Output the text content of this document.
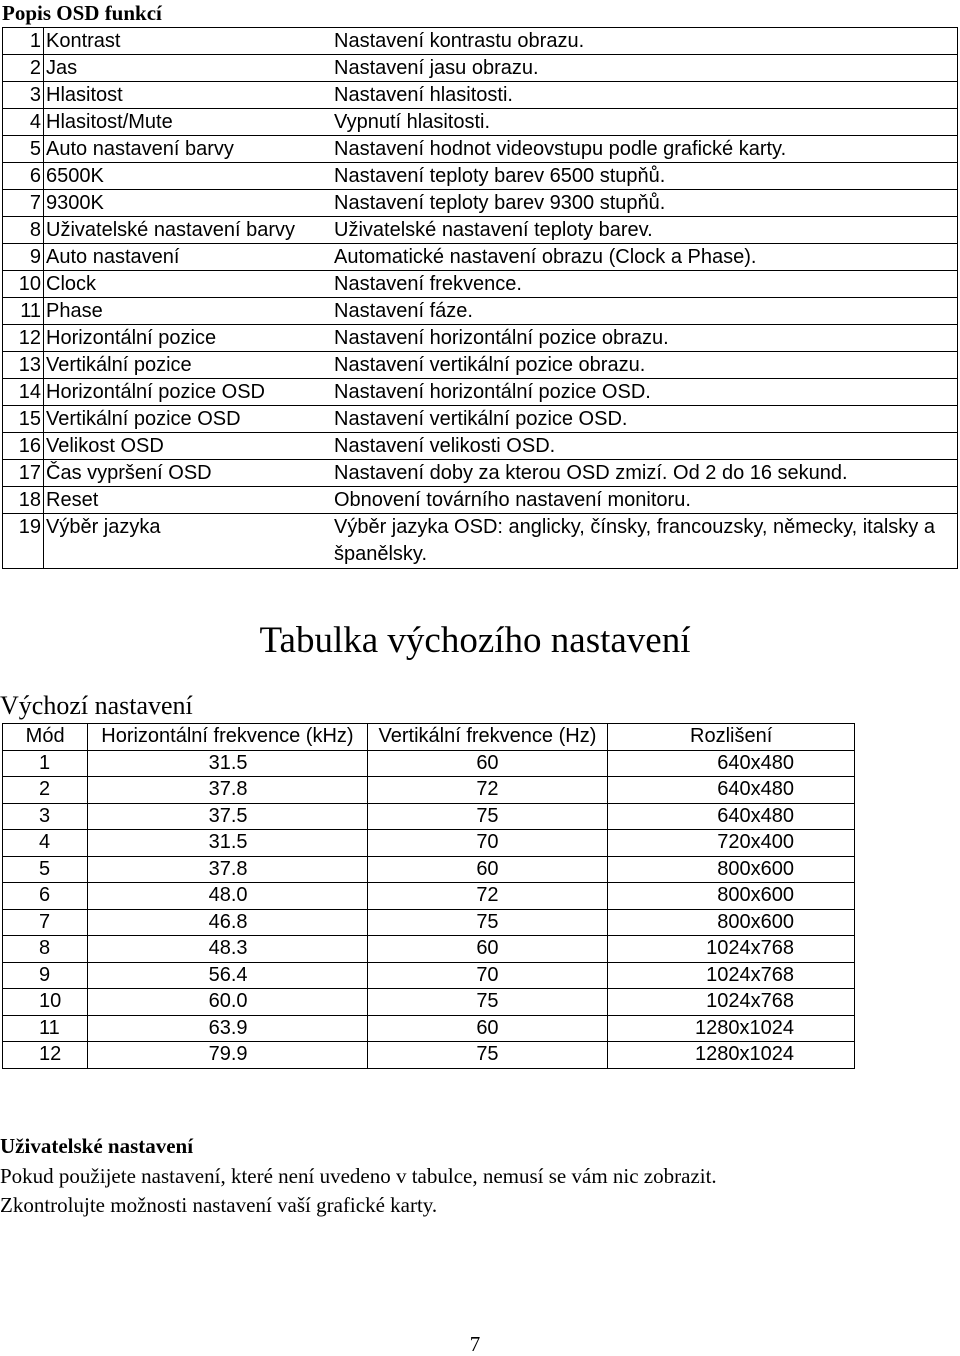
Popis OSD funkcí
1	Kontrast	Nastavení kontrastu obrazu.
2	Jas	Nastavení jasu obrazu.
3	Hlasitost	Nastavení hlasitosti.
4	Hlasitost/Mute	Vypnutí hlasitosti.
5	Auto nastavení barvy	Nastavení hodnot videovstupu podle grafické karty.
6	6500K	Nastavení teploty barev 6500 stupňů.
7	9300K	Nastavení teploty barev 9300 stupňů.
8	Uživatelské nastavení barvy	Uživatelské nastavení teploty barev.
9	Auto nastavení	Automatické nastavení obrazu (Clock a Phase).
10	Clock	Nastavení frekvence.
11	Phase	Nastavení fáze.
12	Horizontální pozice	Nastavení horizontální pozice obrazu.
13	Vertikální pozice	Nastavení vertikální pozice obrazu.
14	Horizontální pozice OSD	Nastavení horizontální pozice OSD.
15	Vertikální pozice OSD	Nastavení vertikální pozice OSD.
16	Velikost OSD	Nastavení velikosti OSD.
17	Čas vypršení OSD	Nastavení doby za kterou OSD zmizí. Od 2 do 16 sekund.
18	Reset	Obnovení továrního nastavení monitoru.
19	Výběr jazyka	Výběr jazyka OSD: anglicky, čínsky, francouzsky, německy, italsky a španělsky.
Tabulka výchozího nastavení
Výchozí nastavení
Mód	Horizontální frekvence (kHz)	Vertikální frekvence (Hz)	Rozlišení
1	31.5	60	640x480
2	37.8	72	640x480
3	37.5	75	640x480
4	31.5	70	720x400
5	37.8	60	800x600
6	48.0	72	800x600
7	46.8	75	800x600
8	48.3	60	1024x768
9	56.4	70	1024x768
10	60.0	75	1024x768
11	63.9	60	1280x1024
12	79.9	75	1280x1024
Uživatelské nastavení
Pokud použijete nastavení, které není uvedeno v tabulce, nemusí se vám nic zobrazit.
Zkontrolujte možnosti nastavení vaší grafické karty.
7
